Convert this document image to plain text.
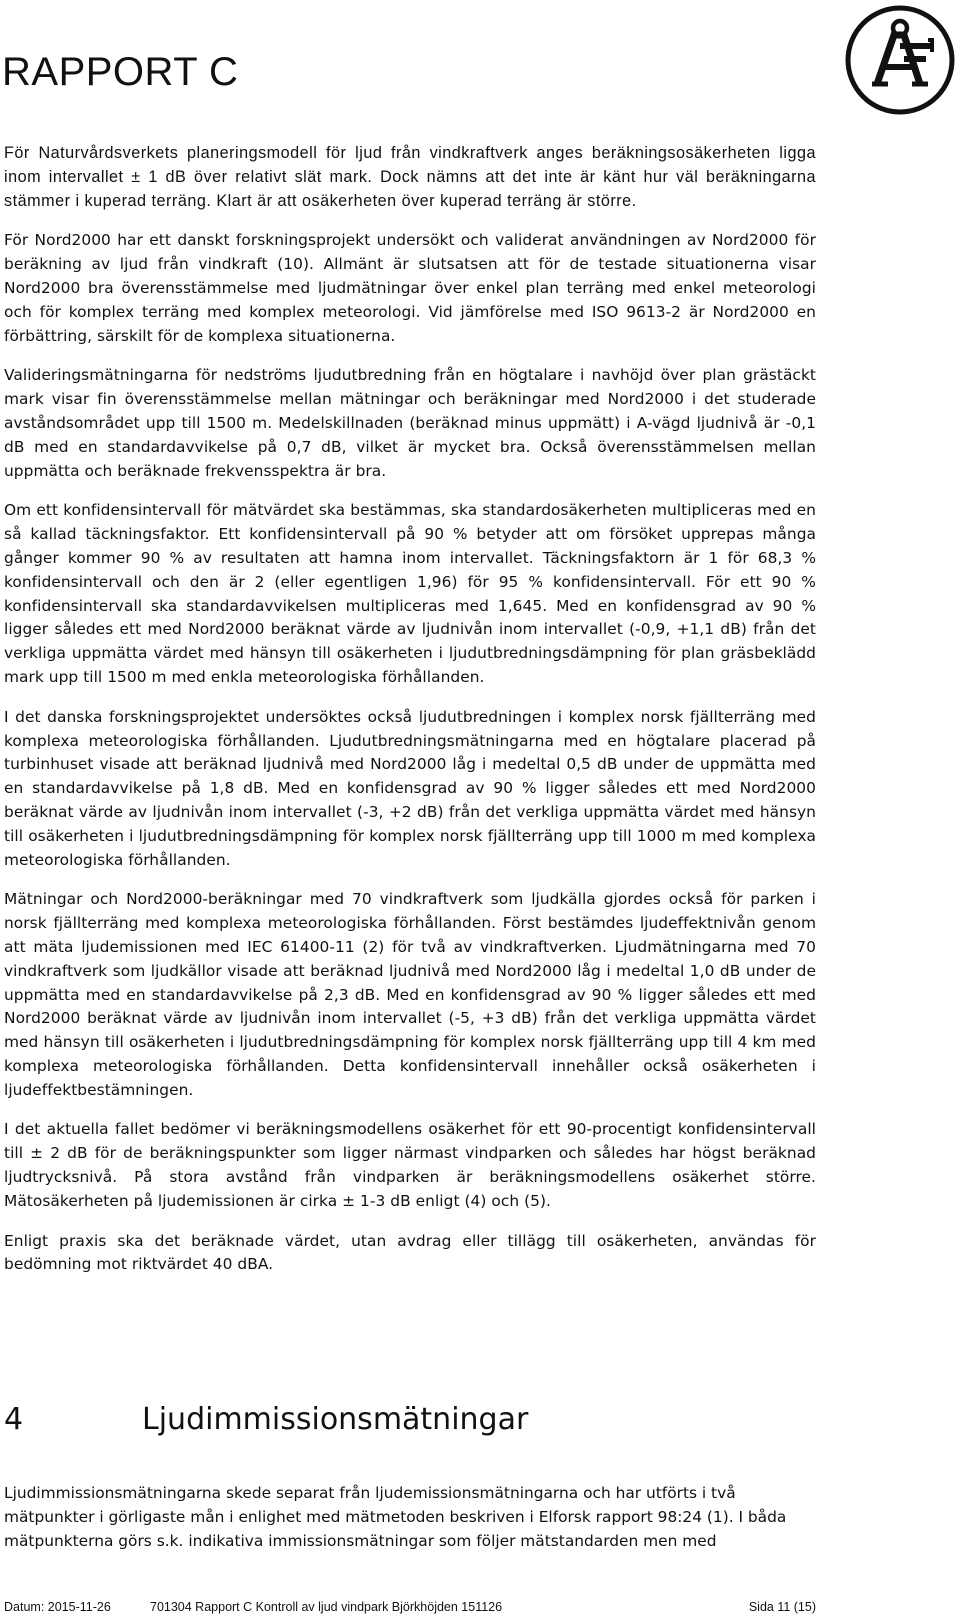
RAPPORT C

För Naturvårdsverkets planeringsmodell för ljud från vindkraftverk anges beräkningsosäkerheten ligga inom intervallet ± 1 dB över relativt slät mark. Dock nämns att det inte är känt hur väl beräkningarna stämmer i kuperad terräng. Klart är att osäkerheten över kuperad terräng är större.

För Nord2000 har ett danskt forskningsprojekt undersökt och validerat användningen av Nord2000 för beräkning av ljud från vindkraft (10). Allmänt är slutsatsen att för de testade situationerna visar Nord2000 bra överensstämmelse med ljudmätningar över enkel plan terräng med enkel meteorologi och för komplex terräng med komplex meteorologi. Vid jämförelse med ISO 9613-2 är Nord2000 en förbättring, särskilt för de komplexa situationerna.

Valideringsmätningarna för nedströms ljudutbredning från en högtalare i navhöjd över plan grästäckt mark visar fin överensstämmelse mellan mätningar och beräkningar med Nord2000 i det studerade avståndsområdet upp till 1500 m. Medelskillnaden (beräknad minus uppmätt) i A-vägd ljudnivå är -0,1 dB med en standardavvikelse på 0,7 dB, vilket är mycket bra. Också överensstämmelsen mellan uppmätta och beräknade frekvensspektra är bra.

Om ett konfidensintervall för mätvärdet ska bestämmas, ska standardosäkerheten multipliceras med en så kallad täckningsfaktor. Ett konfidensintervall på 90 % betyder att om försöket upprepas många gånger kommer 90 % av resultaten att hamna inom intervallet. Täckningsfaktorn är 1 för 68,3 % konfidensintervall och den är 2 (eller egentligen 1,96) för 95 % konfidensintervall. För ett 90 % konfidensintervall ska standardavvikelsen multipliceras med 1,645. Med en konfidensgrad av 90 % ligger således ett med Nord2000 beräknat värde av ljudnivån inom intervallet (-0,9, +1,1 dB) från det verkliga uppmätta värdet med hänsyn till osäkerheten i ljudutbredningsdämpning för plan gräsbeklädd mark upp till 1500 m med enkla meteorologiska förhållanden.

I det danska forskningsprojektet undersöktes också ljudutbredningen i komplex norsk fjällterräng med komplexa meteorologiska förhållanden. Ljudutbredningsmätningarna med en högtalare placerad på turbinhuset visade att beräknad ljudnivå med Nord2000 låg i medeltal 0,5 dB under de uppmätta med en standardavvikelse på 1,8 dB. Med en konfidensgrad av 90 % ligger således ett med Nord2000 beräknat värde av ljudnivån inom intervallet (-3, +2 dB) från det verkliga uppmätta värdet med hänsyn till osäkerheten i ljudutbredningsdämpning för komplex norsk fjällterräng upp till 1000 m med komplexa meteorologiska förhållanden.

Mätningar och Nord2000-beräkningar med 70 vindkraftverk som ljudkälla gjordes också för parken i norsk fjällterräng med komplexa meteorologiska förhållanden. Först bestämdes ljudeffektnivån genom att mäta ljudemissionen med IEC 61400-11 (2) för två av vindkraftverken. Ljudmätningarna med 70 vindkraftverk som ljudkällor visade att beräknad ljudnivå med Nord2000 låg i medeltal 1,0 dB under de uppmätta med en standardavvikelse på 2,3 dB. Med en konfidensgrad av 90 % ligger således ett med Nord2000 beräknat värde av ljudnivån inom intervallet (-5, +3 dB) från det verkliga uppmätta värdet med hänsyn till osäkerheten i ljudutbredningsdämpning för komplex norsk fjällterräng upp till 4 km med komplexa meteorologiska förhållanden. Detta konfidensintervall innehåller också osäkerheten i ljudeffektbestämningen.

I det aktuella fallet bedömer vi beräkningsmodellens osäkerhet för ett 90-procentigt konfidensintervall till ± 2 dB för de beräkningspunkter som ligger närmast vindparken och således har högst beräknad ljudtrycksnivå. På stora avstånd från vindparken är beräkningsmodellens osäkerhet större. Mätosäkerheten på ljudemissionen är cirka ± 1-3 dB enligt (4) och (5).

Enligt praxis ska det beräknade värdet, utan avdrag eller tillägg till osäkerheten, användas för bedömning mot riktvärdet 40 dBA.

4	Ljudimmissionsmätningar

Ljudimmissionsmätningarna skede separat från ljudemissionsmätningarna och har utförts i två mätpunkter i görligaste mån i enlighet med mätmetoden beskriven i Elforsk rapport 98:24 (1). I båda mätpunkterna görs s.k. indikativa immissionsmätningar som följer mätstandarden men med

Datum: 2015-11-26	701304 Rapport C Kontroll av ljud vindpark Björkhöjden 151126	Sida 11 (15)
